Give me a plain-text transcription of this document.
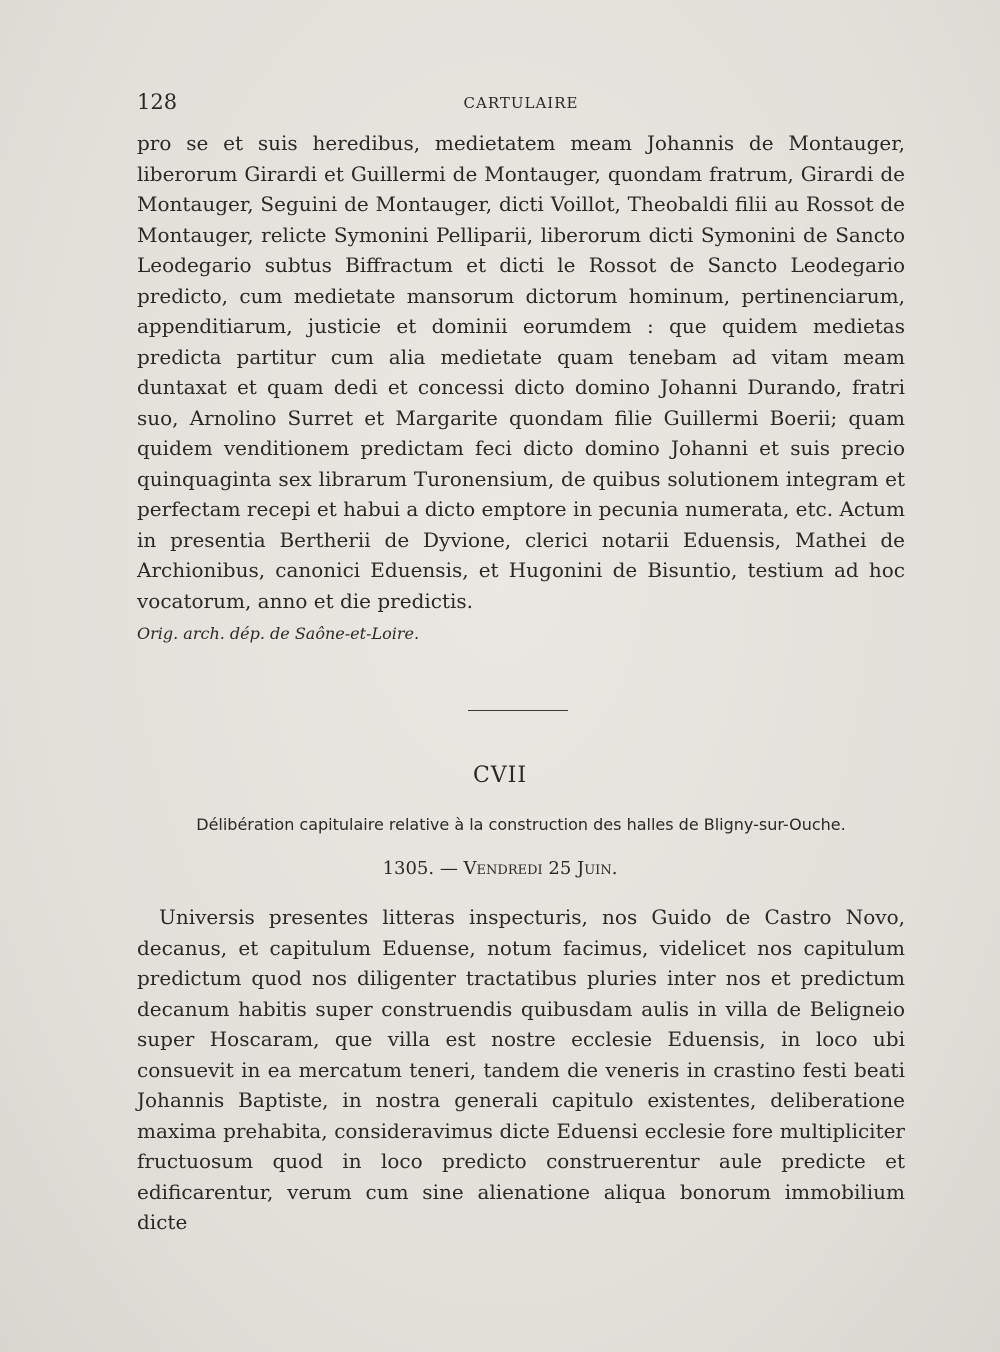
128	CARTULAIRE

pro se et suis heredibus, medietatem meam Johannis de Montauger, liberorum Girardi et Guillermi de Montauger, quondam fratrum, Girardi de Montauger, Seguini de Montauger, dicti Voillot, Theobaldi filii au Rossot de Montauger, relicte Symonini Pelliparii, liberorum dicti Symonini de Sancto Leodegario subtus Biffractum et dicti le Rossot de Sancto Leodegario predicto, cum medietate mansorum dictorum hominum, pertinenciarum, appenditiarum, justicie et dominii eorumdem : que quidem medietas predicta partitur cum alia medietate quam tenebam ad vitam meam duntaxat et quam dedi et concessi dicto domino Johanni Durando, fratri suo, Arnolino Surret et Margarite quondam filie Guillermi Boerii; quam quidem venditionem predictam feci dicto domino Johanni et suis precio quinquaginta sex librarum Turonensium, de quibus solutionem integram et perfectam recepi et habui a dicto emptore in pecunia numerata, etc. Actum in presentia Bertherii de Dyvione, clerici notarii Eduensis, Mathei de Archionibus, canonici Eduensis, et Hugonini de Bisuntio, testium ad hoc vocatorum, anno et die predictis.

Orig. arch. dép. de Saône-et-Loire.
CVII
Délibération capitulaire relative à la construction des halles de Bligny-sur-Ouche.
1305. — Vendredi 25 Juin.

Universis presentes litteras inspecturis, nos Guido de Castro Novo, decanus, et capitulum Eduense, notum facimus, videlicet nos capitulum predictum quod nos diligenter tractatibus pluries inter nos et predictum decanum habitis super construendis quibusdam aulis in villa de Beligneio super Hoscaram, que villa est nostre ecclesie Eduensis, in loco ubi consuevit in ea mercatum teneri, tandem die veneris in crastino festi beati Johannis Baptiste, in nostra generali capitulo existentes, deliberatione maxima prehabita, consideravimus dicte Eduensi ecclesie fore multipliciter fructuosum quod in loco predicto construerentur aule predicte et edificarentur, verum cum sine alienatione aliqua bonorum immobilium dicte
